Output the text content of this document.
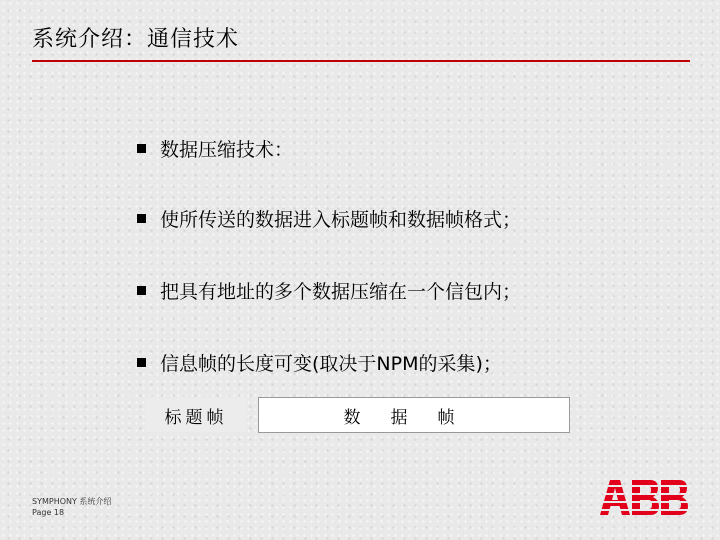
系统介绍：通信技术
数据压缩技术：
使所传送的数据进入标题帧和数据帧格式；
把具有地址的多个数据压缩在一个信包内；
信息帧的长度可变(取决于NPM的采集)；
标题帧	数据帧
SYMPHONY 系统介绍
Page 18
